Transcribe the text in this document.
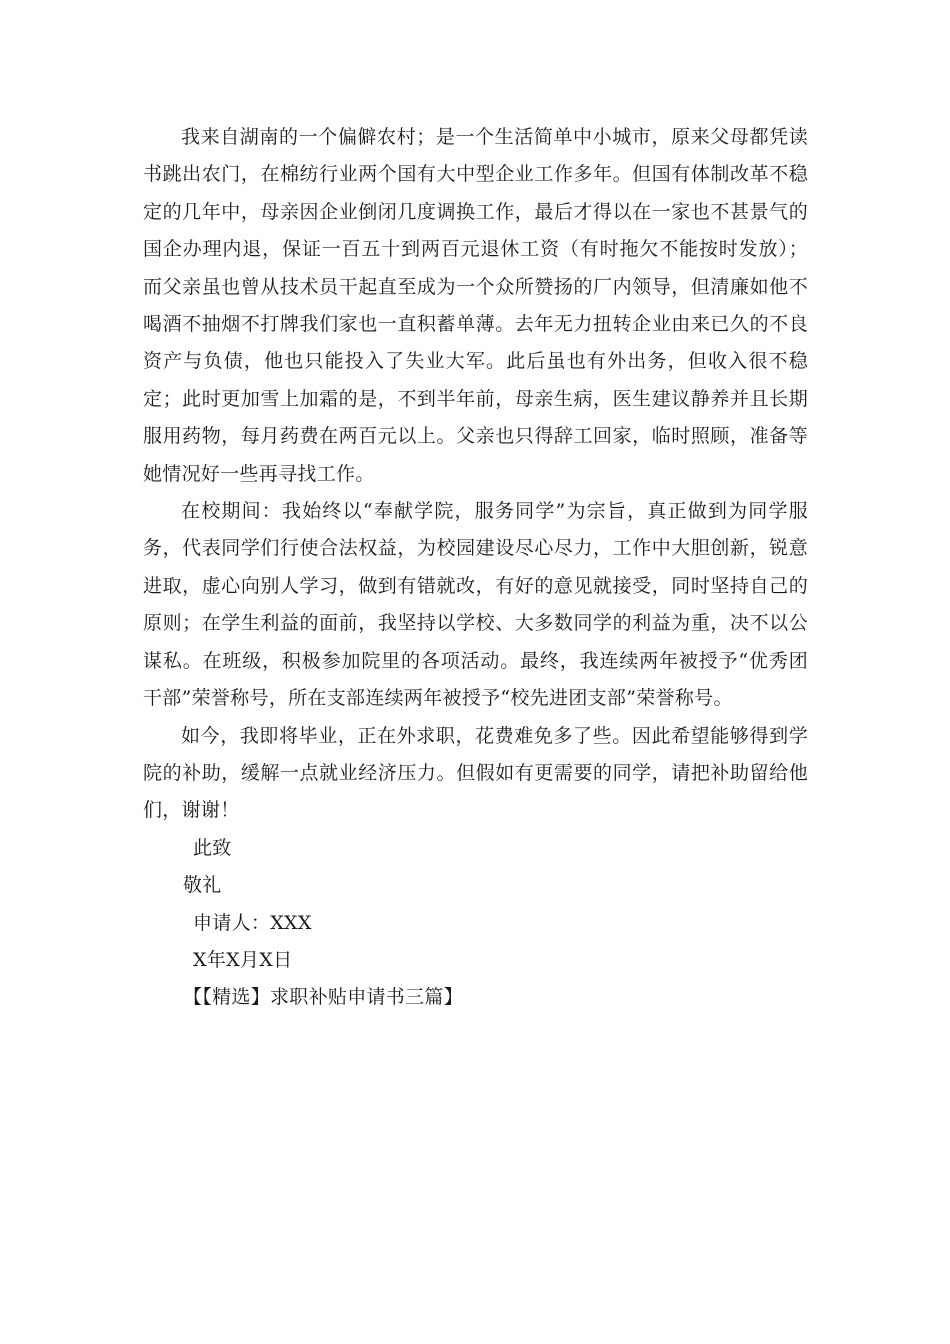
我来自湖南的一个偏僻农村；是一个生活简单中小城市，原来父母都凭读书跳出农门，在棉纺行业两个国有大中型企业工作多年。但国有体制改革不稳定的几年中，母亲因企业倒闭几度调换工作，最后才得以在一家也不甚景气的国企办理内退，保证一百五十到两百元退休工资（有时拖欠不能按时发放）；而父亲虽也曾从技术员干起直至成为一个众所赞扬的厂内领导，但清廉如他不喝酒不抽烟不打牌我们家也一直积蓄单薄。去年无力扭转企业由来已久的不良资产与负债，他也只能投入了失业大军。此后虽也有外出务，但收入很不稳定；此时更加雪上加霜的是，不到半年前，母亲生病，医生建议静养并且长期服用药物，每月药费在两百元以上。父亲也只得辞工回家，临时照顾，准备等她情况好一些再寻找工作。

在校期间：我始终以“奉献学院，服务同学”为宗旨，真正做到为同学服务，代表同学们行使合法权益，为校园建设尽心尽力，工作中大胆创新，锐意进取，虚心向别人学习，做到有错就改，有好的意见就接受，同时坚持自己的原则；在学生利益的面前，我坚持以学校、大多数同学的利益为重，决不以公谋私。在班级，积极参加院里的各项活动。最终，我连续两年被授予“优秀团干部”荣誉称号，所在支部连续两年被授予“校先进团支部”荣誉称号。

如今，我即将毕业，正在外求职，花费难免多了些。因此希望能够得到学院的补助，缓解一点就业经济压力。但假如有更需要的同学，请把补助留给他们，谢谢！

此致

敬礼

申请人：XXX

X年X月X日

【【精选】求职补贴申请书三篇】
